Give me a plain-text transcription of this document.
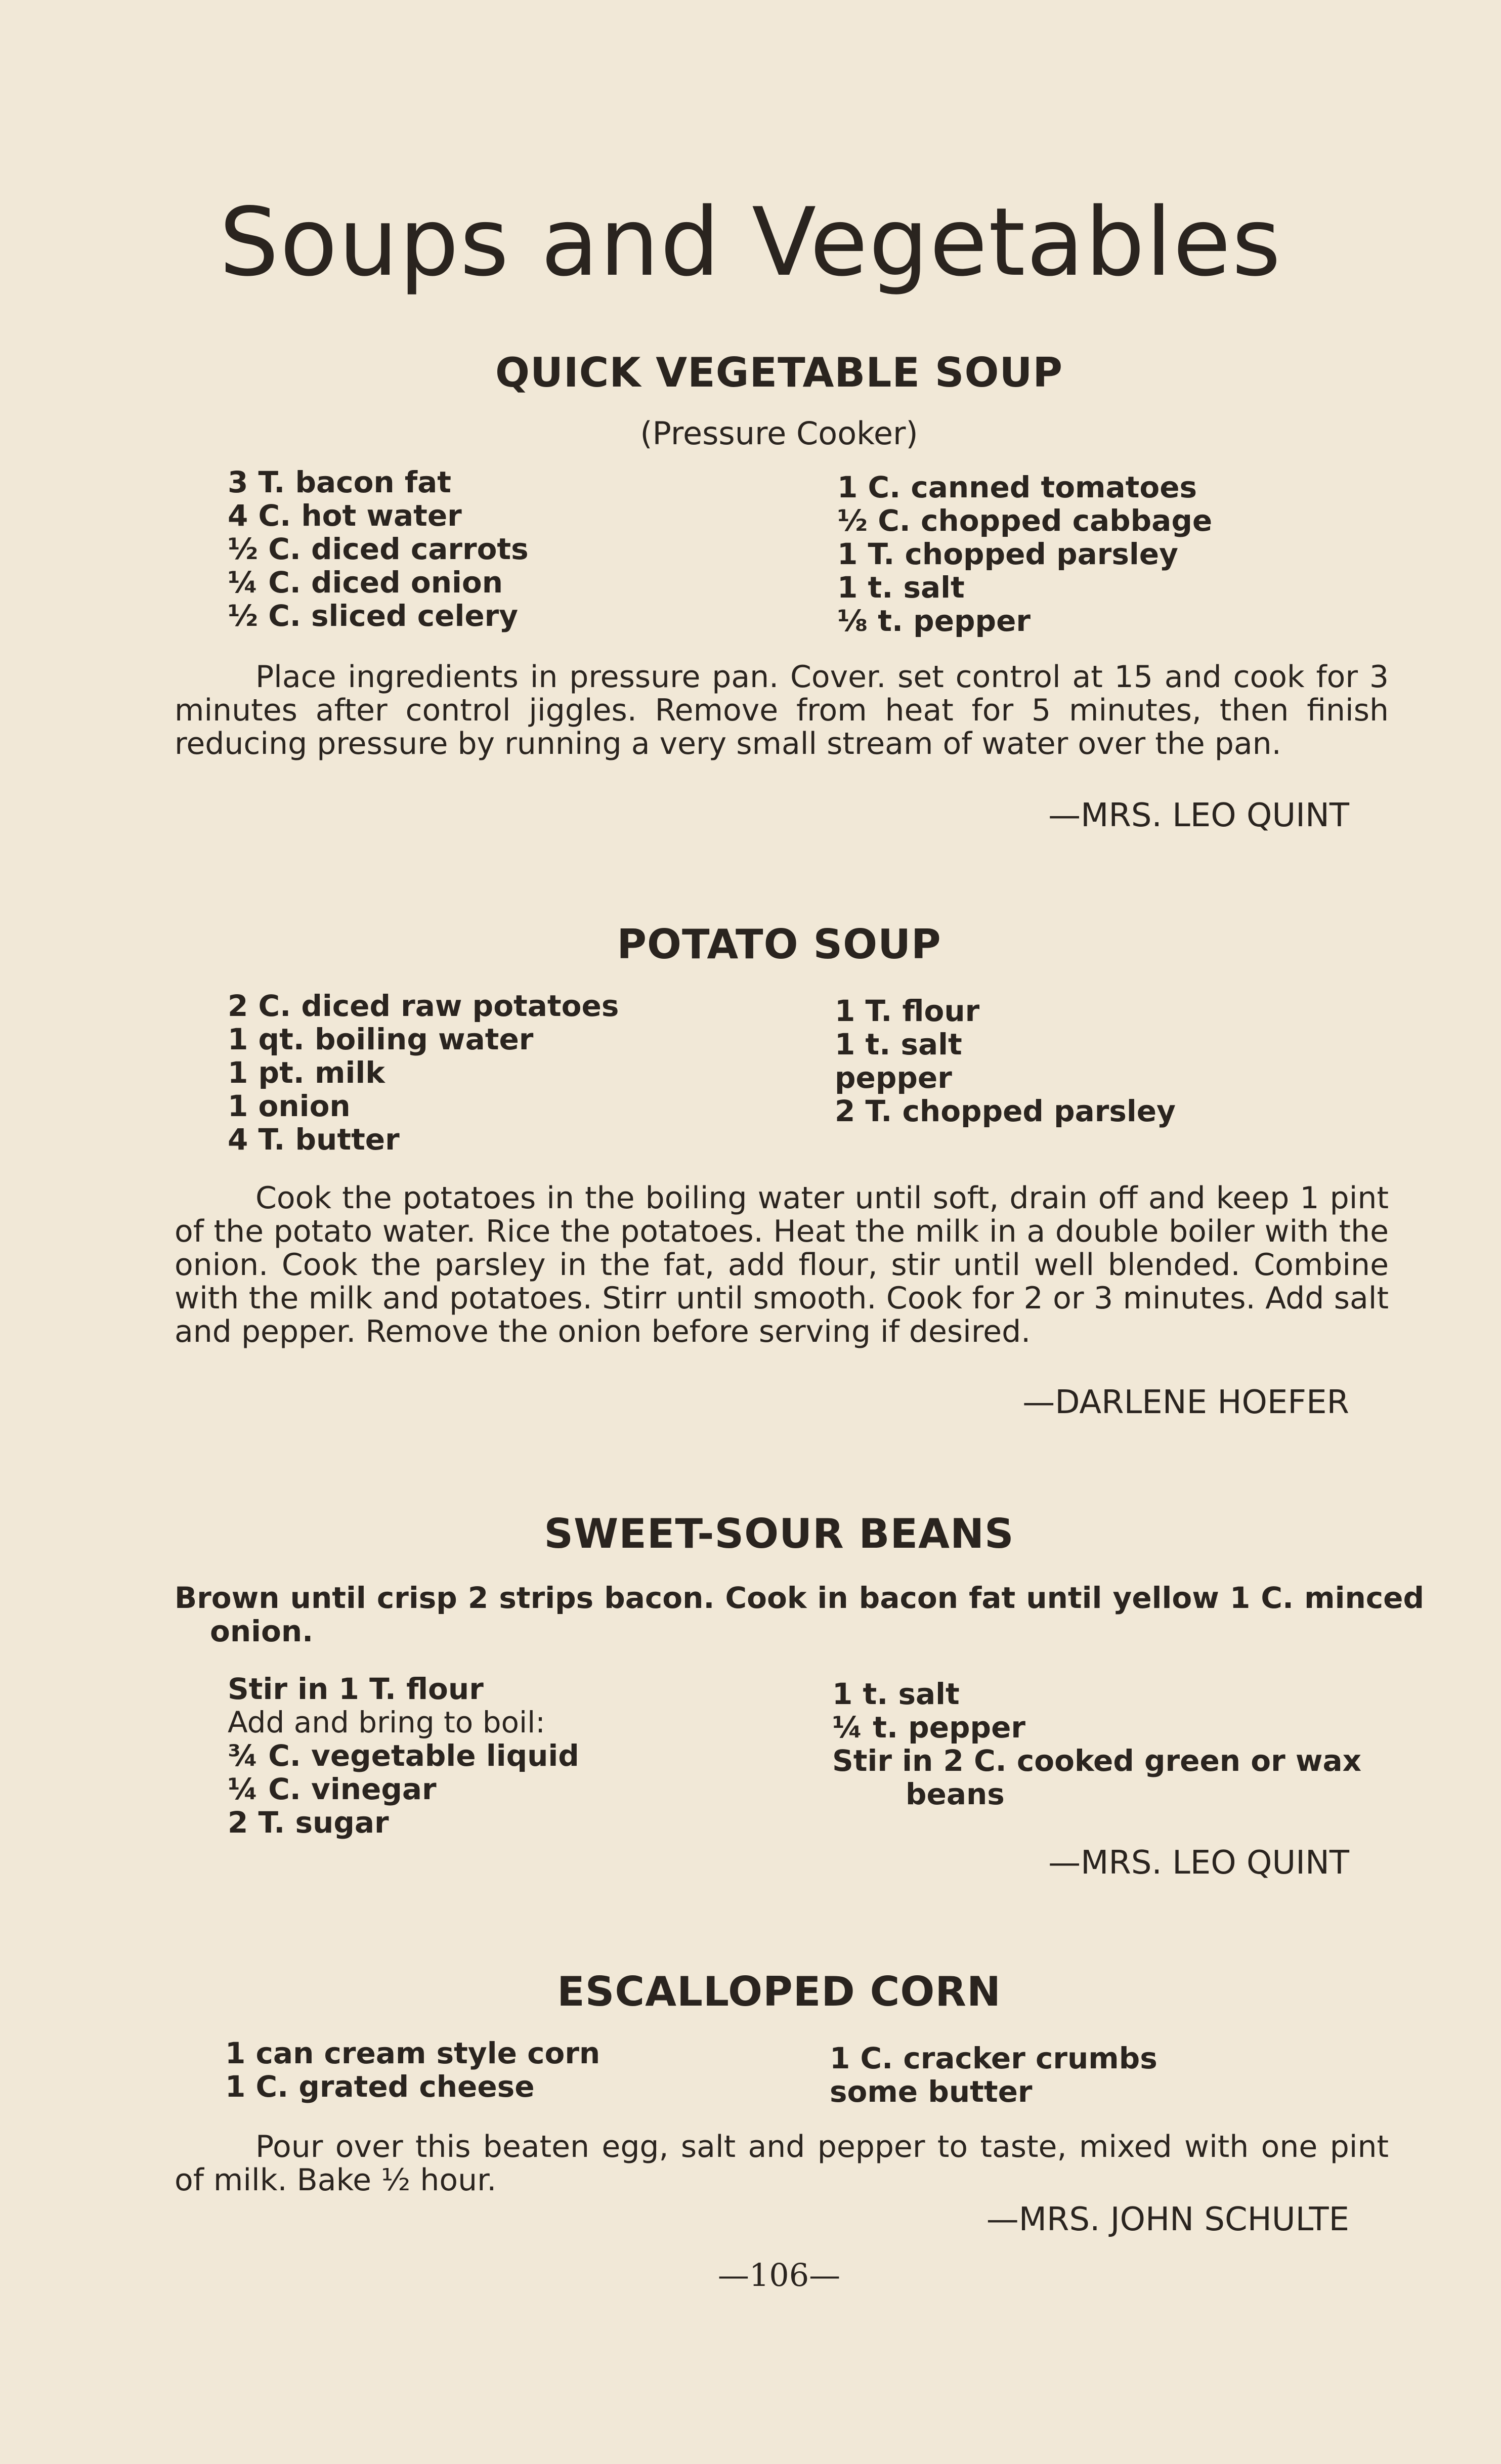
Soups and Vegetables
QUICK VEGETABLE SOUP

(Pressure Cooker)

3 T. bacon fat
4 C. hot water
½ C. diced carrots
¼ C. diced onion
½ C. sliced celery
1 C. canned tomatoes
½ C. chopped cabbage
1 T. chopped parsley
1 t. salt
⅛ t. pepper

Place ingredients in pressure pan. Cover. set control at 15 and cook for 3 minutes after control jiggles. Remove from heat for 5 minutes, then finish reducing pressure by running a very small stream of water over the pan.

—MRS. LEO QUINT

POTATO SOUP
2 C. diced raw potatoes
1 qt. boiling water
1 pt. milk
1 onion
4 T. butter
1 T. flour
1 t. salt
pepper
2 T. chopped parsley

Cook the potatoes in the boiling water until soft, drain off and keep 1 pint of the potato water. Rice the potatoes. Heat the milk in a double boiler with the onion. Cook the parsley in the fat, add flour, stir until well blended. Combine with the milk and potatoes. Stirr until smooth. Cook for 2 or 3 minutes. Add salt and pepper. Remove the onion before serving if desired.

—DARLENE HOEFER

SWEET-SOUR BEANS

Brown until crisp 2 strips bacon. Cook in bacon fat until yellow 1 C. minced onion.

Stir in 1 T. flour
Add and bring to boil:
¾ C. vegetable liquid
¼ C. vinegar
2 T. sugar
1 t. salt
¼ t. pepper
Stir in 2 C. cooked green or wax
beans

—MRS. LEO QUINT

ESCALLOPED CORN
1 can cream style corn
1 C. grated cheese
1 C. cracker crumbs
some butter

Pour over this beaten egg, salt and pepper to taste, mixed with one pint of milk. Bake ½ hour.

—MRS. JOHN SCHULTE

—106—
